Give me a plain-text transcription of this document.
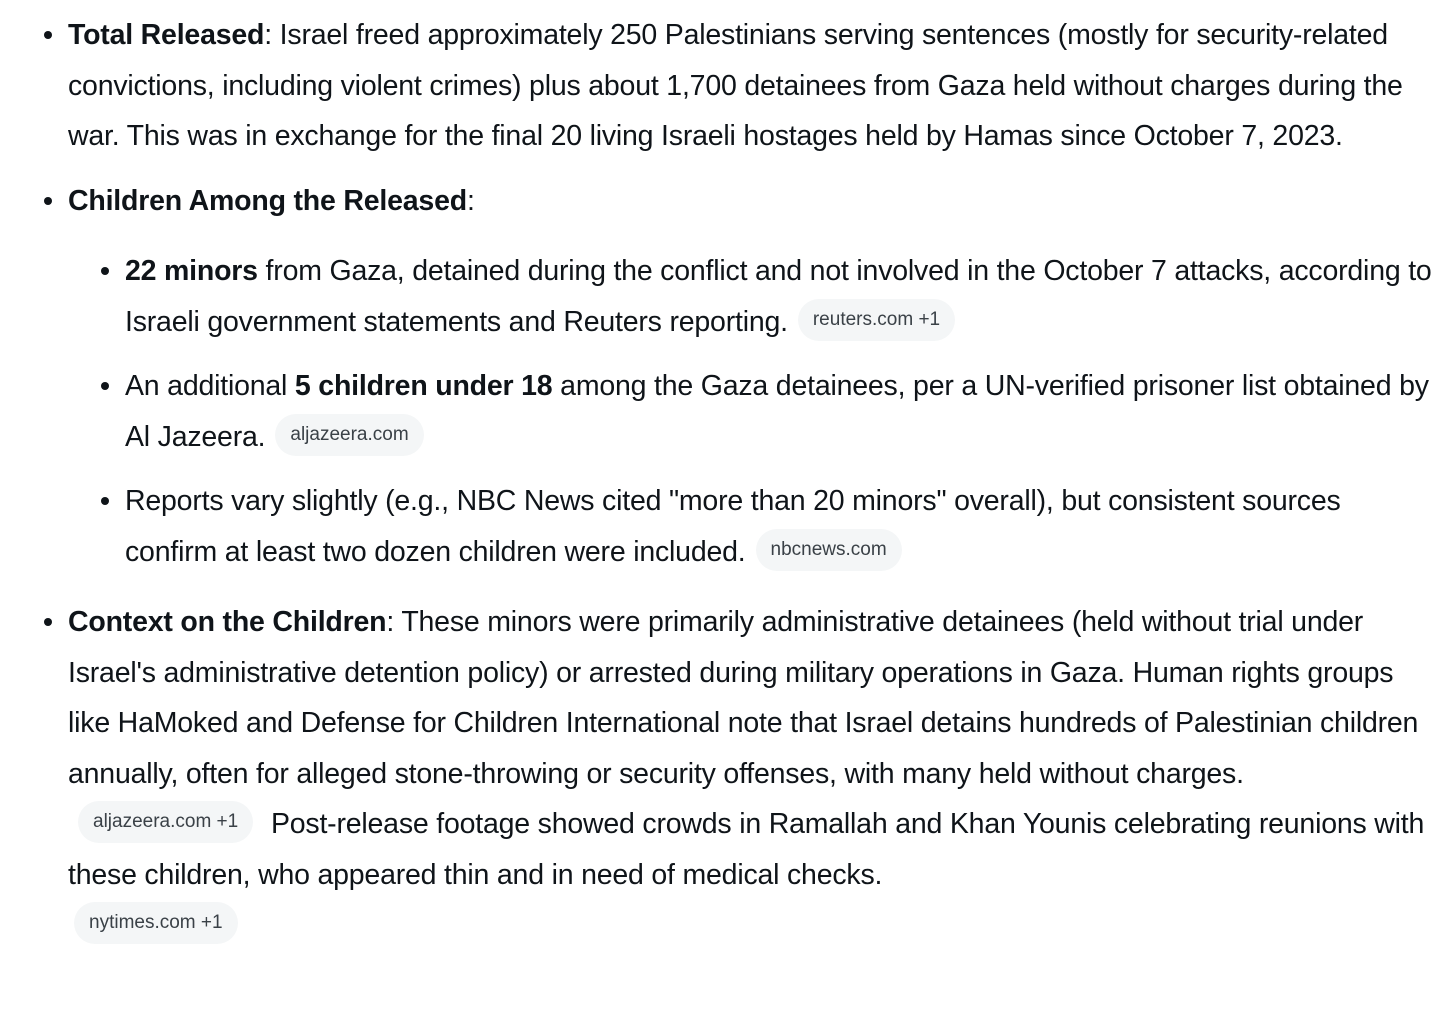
Total Released: Israel freed approximately 250 Palestinians serving sentences (mostly for security-related convictions, including violent crimes) plus about 1,700 detainees from Gaza held without charges during the war. This was in exchange for the final 20 living Israeli hostages held by Hamas since October 7, 2023.
Children Among the Released:
22 minors from Gaza, detained during the conflict and not involved in the October 7 attacks, according to Israeli government statements and Reuters reporting. reuters.com +1
An additional 5 children under 18 among the Gaza detainees, per a UN-verified prisoner list obtained by Al Jazeera. aljazeera.com
Reports vary slightly (e.g., NBC News cited "more than 20 minors" overall), but consistent sources confirm at least two dozen children were included. nbcnews.com
Context on the Children: These minors were primarily administrative detainees (held without trial under Israel's administrative detention policy) or arrested during military operations in Gaza. Human rights groups like HaMoked and Defense for Children International note that Israel detains hundreds of Palestinian children annually, often for alleged stone-throwing or security offenses, with many held without charges.aljazeera.com +1 Post-release footage showed crowds in Ramallah and Khan Younis celebrating reunions with these children, who appeared thin and in need of medical checks.
nytimes.com +1
